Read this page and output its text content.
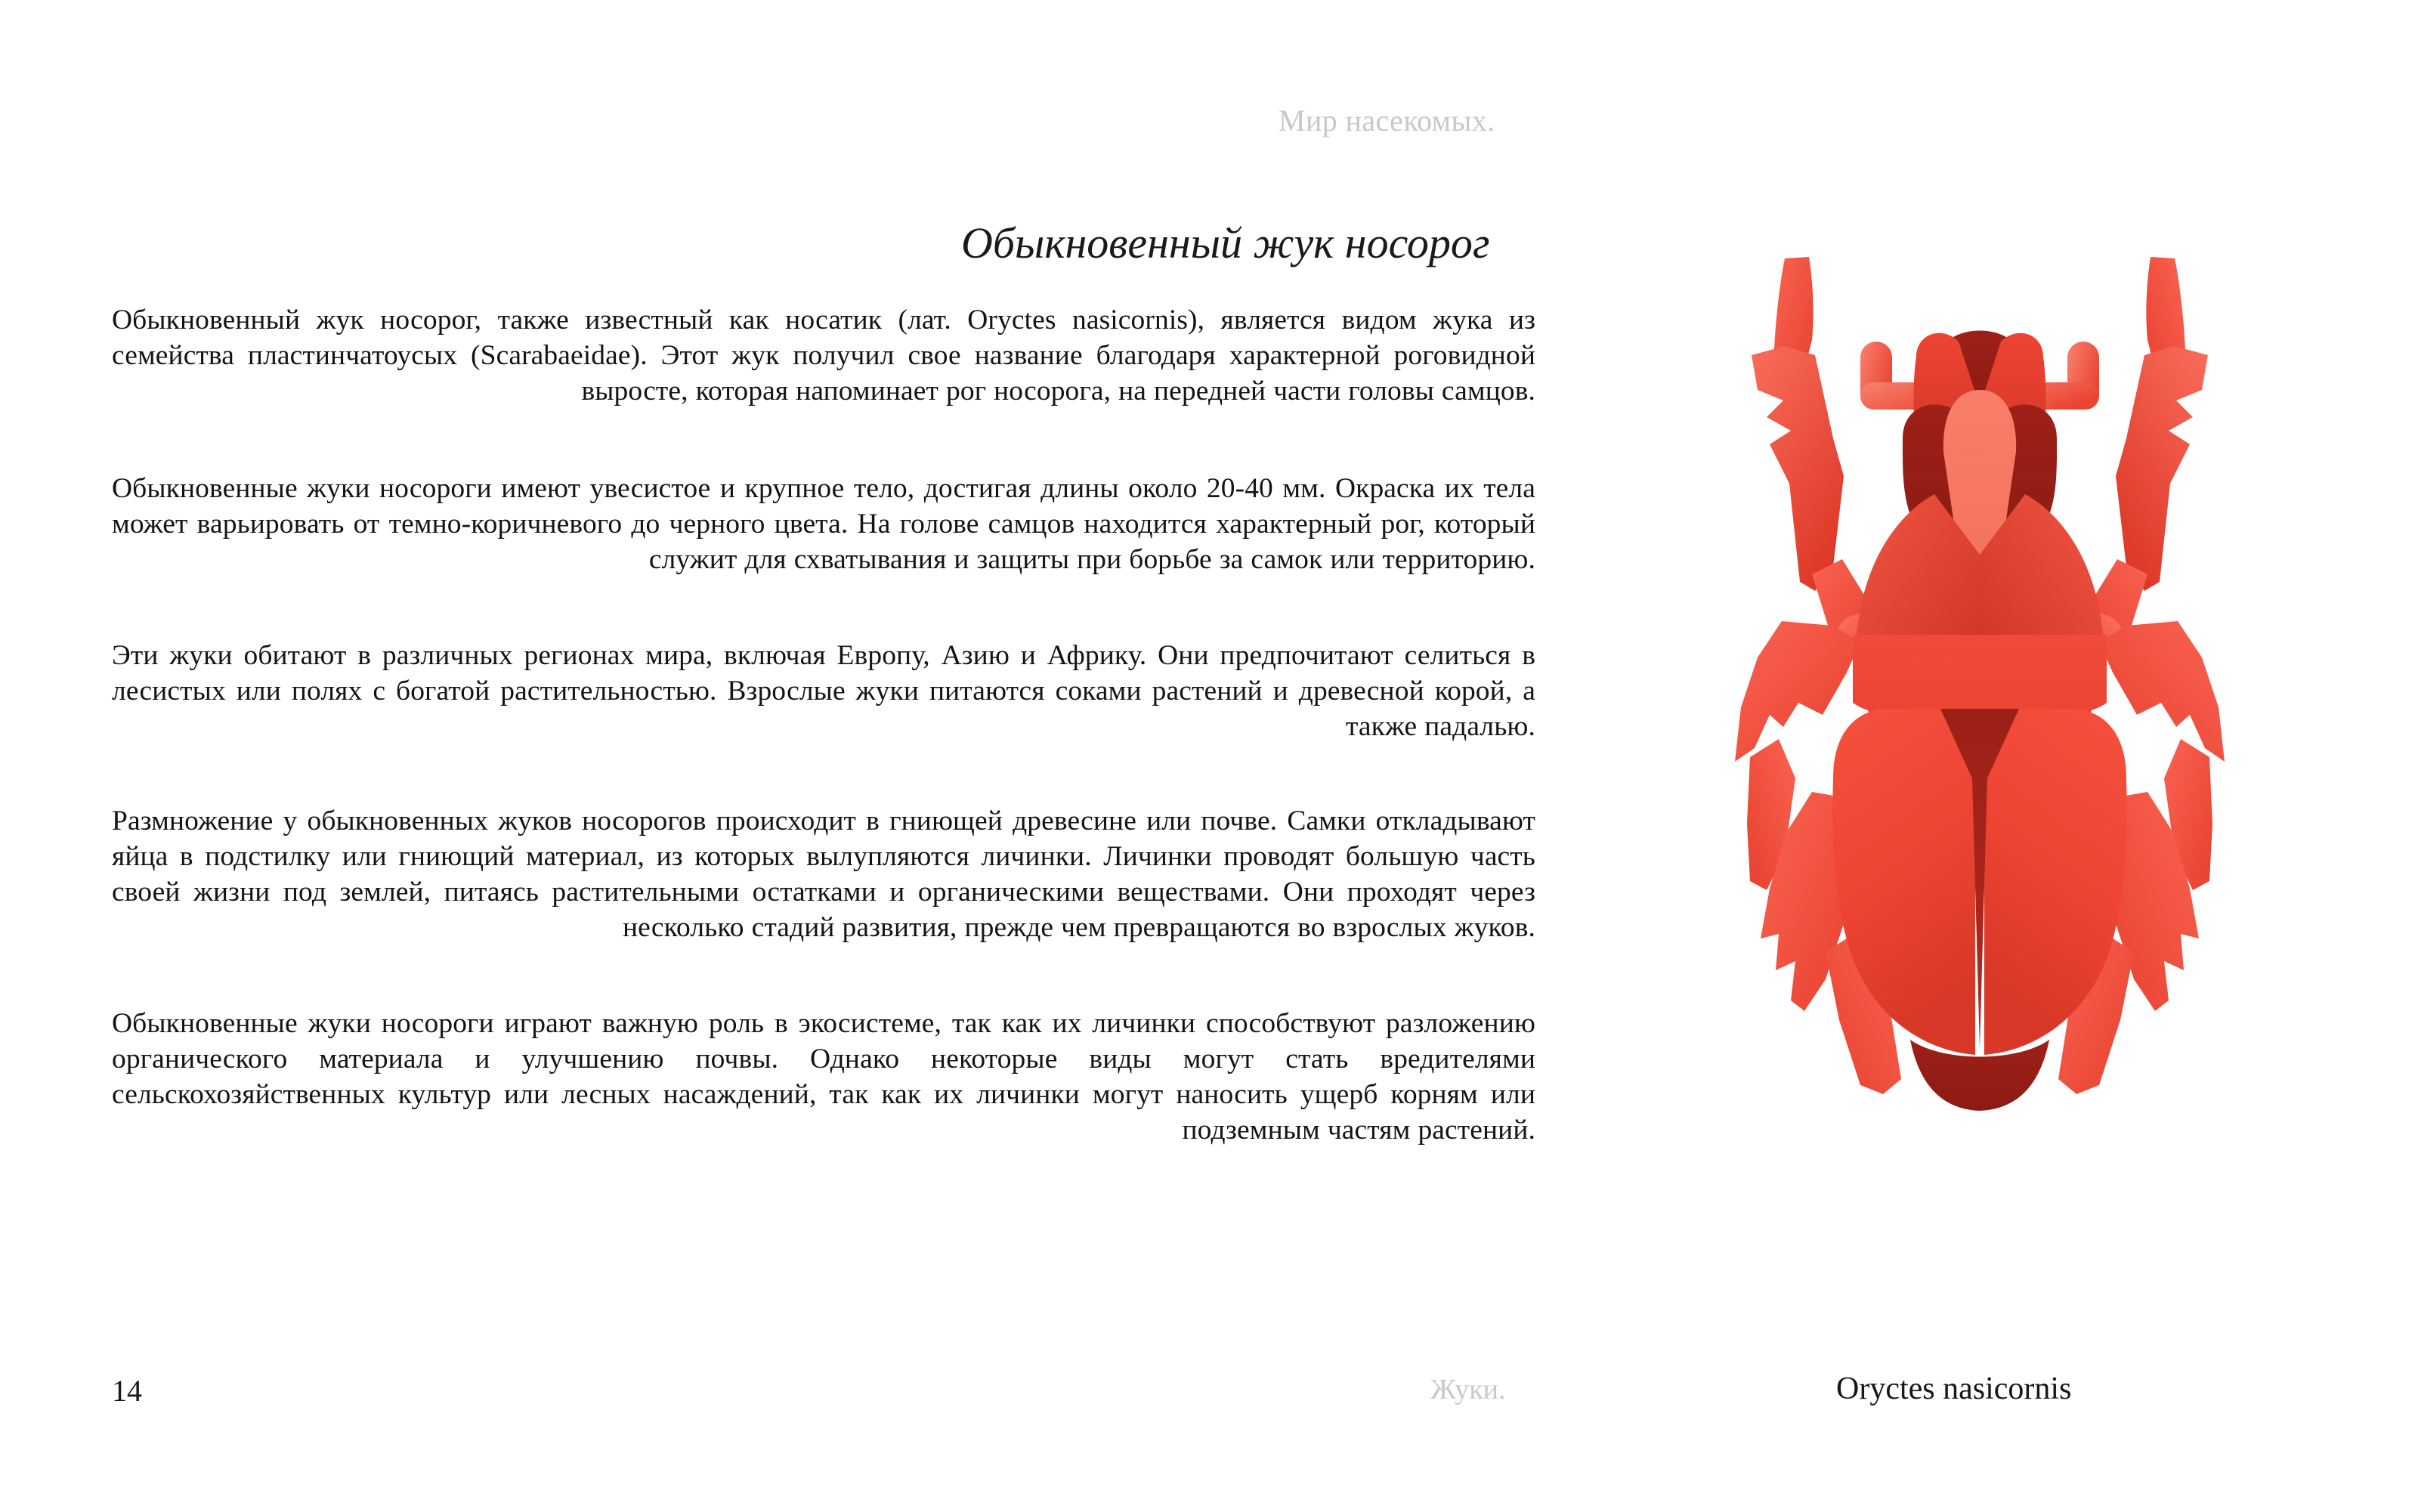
Мир насекомых.
Обыкновенный жук носорог

Обыкновенный жук носорог, также известный как носатик (лат. Oryctes nasicornis), является видом жука из семейства пластинчатоусых (Scarabaeidae). Этот жук получил свое название благодаря характерной роговидной выросте, которая напоминает рог носорога, на передней части головы самцов.

Обыкновенные жуки носороги имеют увесистое и крупное тело, достигая длины около 20-40 мм. Окраска их тела может варьировать от темно-коричневого до черного цвета. На голове самцов находится характерный рог, который служит для схватывания и защиты при борьбе за самок или территорию.

Эти жуки обитают в различных регионах мира, включая Европу, Азию и Африку. Они предпочитают селиться в лесистых или полях с богатой растительностью. Взрослые жуки питаются соками растений и древесной корой, а также падалью.

Размножение у обыкновенных жуков носорогов происходит в гниющей древесине или почве. Самки откладывают яйца в подстилку или гниющий материал, из которых вылупляются личинки. Личинки проводят большую часть своей жизни под землей, питаясь растительными остатками и органическими веществами. Они проходят через несколько стадий развития, прежде чем превращаются во взрослых жуков.

Обыкновенные жуки носороги играют важную роль в экосистеме, так как их личинки способствуют разложению органического материала и улучшению почвы. Однако некоторые виды могут стать вредителями сельскохозяйственных культур или лесных насаждений, так как их личинки могут наносить ущерб корням или подземным частям растений.

14	Жуки.	Oryctes nasicornis
